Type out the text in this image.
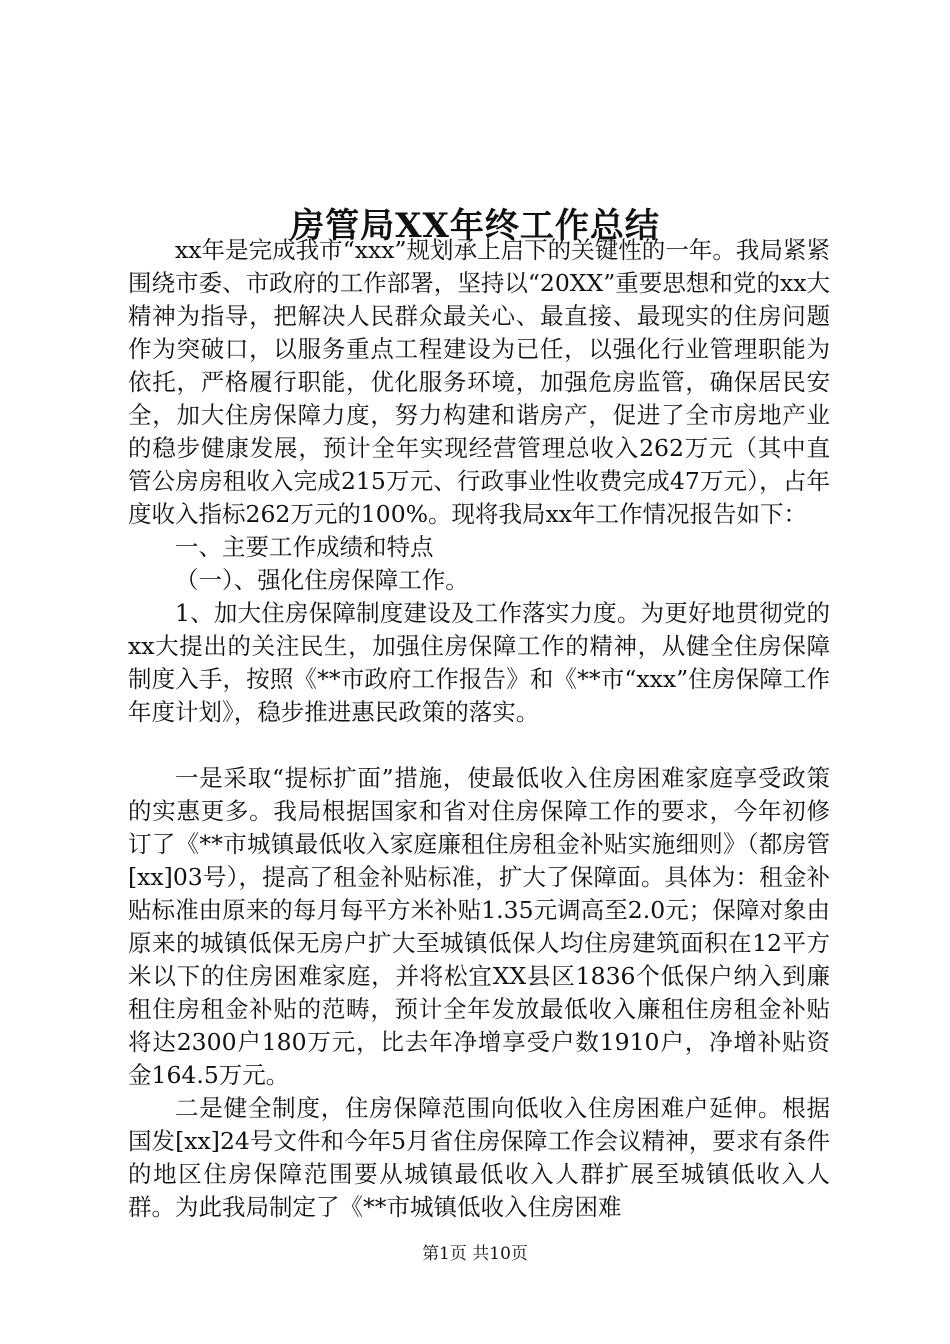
房管局XX年终工作总结

xx年是完成我市“xxx”规划承上启下的关键性的一年。我局紧紧围绕市委、市政府的工作部署，坚持以“20XX”重要思想和党的xx大精神为指导，把解决人民群众最关心、最直接、最现实的住房问题作为突破口，以服务重点工程建设为已任，以强化行业管理职能为依托，严格履行职能，优化服务环境，加强危房监管，确保居民安全，加大住房保障力度，努力构建和谐房产，促进了全市房地产业的稳步健康发展，预计全年实现经营管理总收入262万元（其中直管公房房租收入完成215万元、行政事业性收费完成47万元），占年度收入指标262万元的100%。现将我局xx年工作情况报告如下：

一、主要工作成绩和特点

（一）、强化住房保障工作。

1、加大住房保障制度建设及工作落实力度。为更好地贯彻党的xx大提出的关注民生，加强住房保障工作的精神，从健全住房保障制度入手，按照《**市政府工作报告》和《**市“xxx”住房保障工作年度计划》，稳步推进惠民政策的落实。

一是采取“提标扩面”措施，使最低收入住房困难家庭享受政策的实惠更多。我局根据国家和省对住房保障工作的要求，今年初修订了《**市城镇最低收入家庭廉租住房租金补贴实施细则》（都房管[xx]03号），提高了租金补贴标准，扩大了保障面。具体为：租金补贴标准由原来的每月每平方米补贴1.35元调高至2.0元；保障对象由原来的城镇低保无房户扩大至城镇低保人均住房建筑面积在12平方米以下的住房困难家庭，并将松宜XX县区1836个低保户纳入到廉租住房租金补贴的范畴，预计全年发放最低收入廉租住房租金补贴将达2300户180万元，比去年净增享受户数1910户，净增补贴资金164.5万元。

二是健全制度，住房保障范围向低收入住房困难户延伸。根据国发[xx]24号文件和今年5月省住房保障工作会议精神，要求有条件的地区住房保障范围要从城镇最低收入人群扩展至城镇低收入人群。为此我局制定了《**市城镇低收入住房困难

第1页 共10页
